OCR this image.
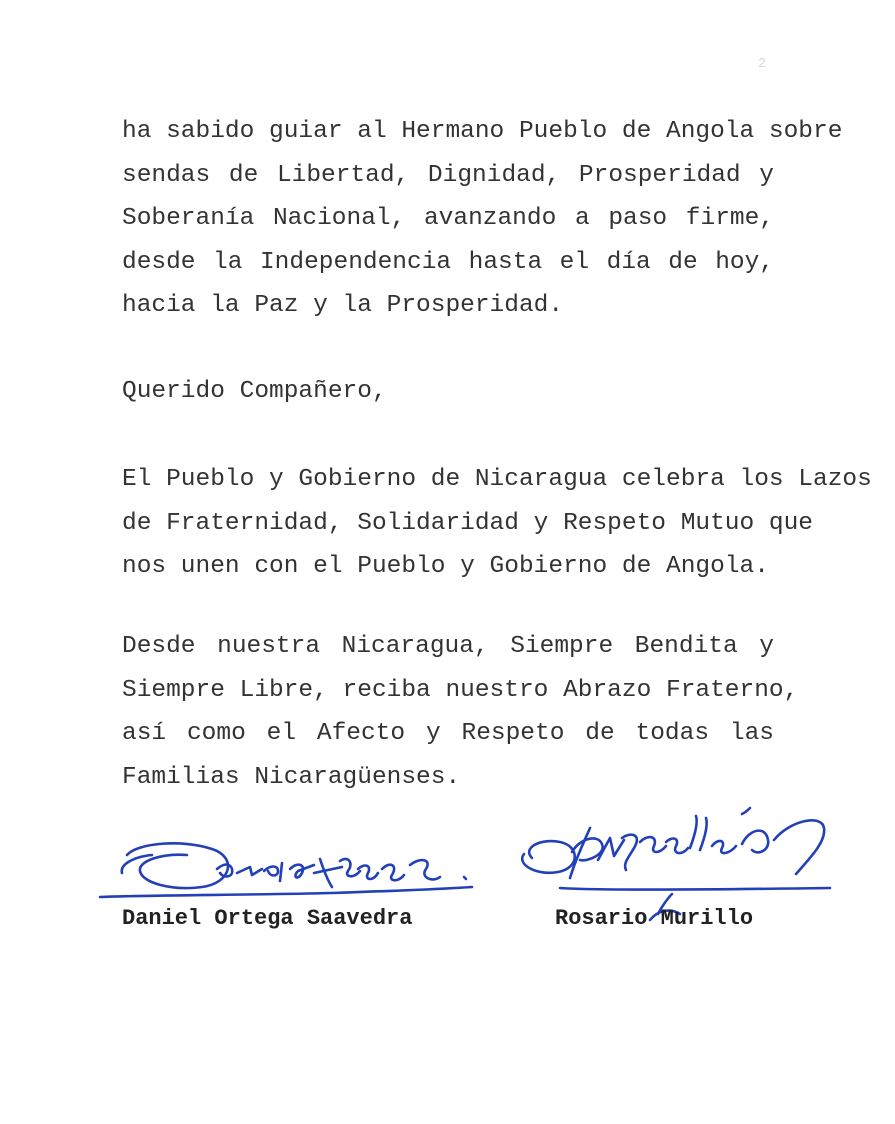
2

ha sabido guiar al Hermano Pueblo de Angola sobre
sendas de Libertad, Dignidad, Prosperidad y
Soberanía Nacional, avanzando a paso firme,
desde la Independencia hasta el día de hoy,
hacia la Paz y la Prosperidad.

Querido Compañero,

El Pueblo y Gobierno de Nicaragua celebra los Lazos
de Fraternidad, Solidaridad y Respeto Mutuo que
nos unen con el Pueblo y Gobierno de Angola.

Desde nuestra Nicaragua, Siempre Bendita y
Siempre Libre, reciba nuestro Abrazo Fraterno,
así como el Afecto y Respeto de todas las
Familias Nicaragüenses.

Daniel Ortega Saavedra	Rosario Murillo
